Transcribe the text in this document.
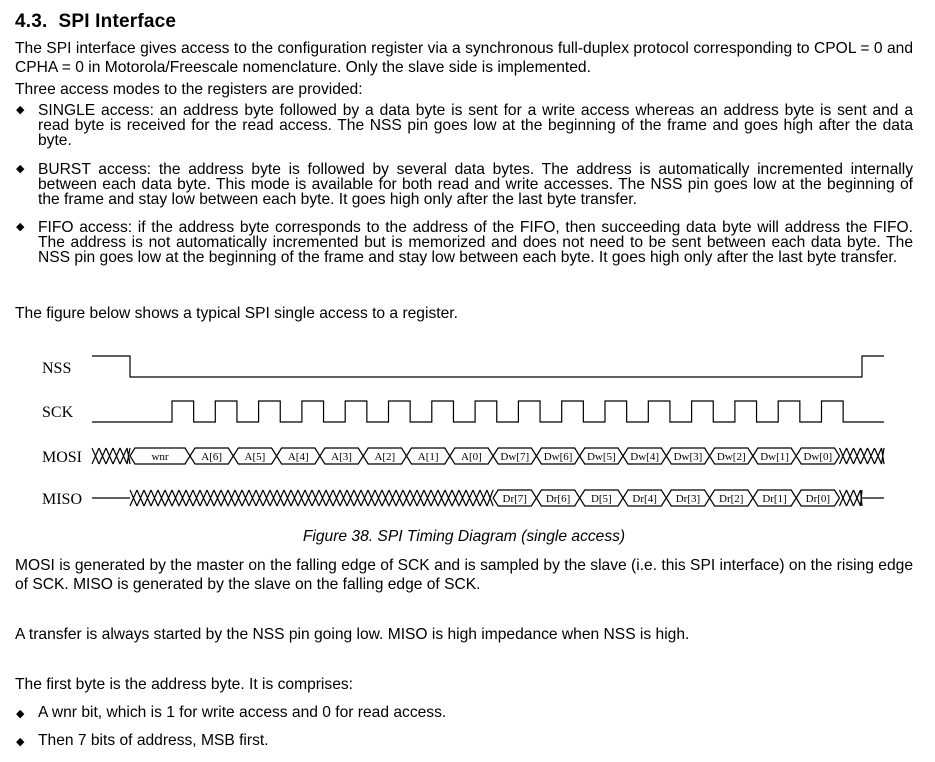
4.3. SPI Interface

The SPI interface gives access to the configuration register via a synchronous full-duplex protocol corresponding to CPOL = 0 and CPHA = 0 in Motorola/Freescale nomenclature. Only the slave side is implemented.

Three access modes to the registers are provided:

◆ SINGLE access: an address byte followed by a data byte is sent for a write access whereas an address byte is sent and a read byte is received for the read access. The NSS pin goes low at the beginning of the frame and goes high after the data byte.
◆ BURST access: the address byte is followed by several data bytes. The address is automatically incremented internally between each data byte. This mode is available for both read and write accesses. The NSS pin goes low at the beginning of the frame and stay low between each byte. It goes high only after the last byte transfer.
◆ FIFO access: if the address byte corresponds to the address of the FIFO, then succeeding data byte will address the FIFO. The address is not automatically incremented but is memorized and does not need to be sent between each data byte. The NSS pin goes low at the beginning of the frame and stay low between each byte. It goes high only after the last byte transfer.

The figure below shows a typical SPI single access to a register.

NSS
SCK
MOSI
MISO
wnr	A[6] A[5] A[4] A[3] A[2] A[1] A[0] Dw[7] Dw[6] Dw[5] Dw[4] Dw[3] Dw[2] Dw[1] Dw[0]
Dr[7] Dr[6] D[5] Dr[4] Dr[3] Dr[2] Dr[1] Dr[0]
Figure 38. SPI Timing Diagram (single access)

MOSI is generated by the master on the falling edge of SCK and is sampled by the slave (i.e. this SPI interface) on the rising edge of SCK. MISO is generated by the slave on the falling edge of SCK.

A transfer is always started by the NSS pin going low. MISO is high impedance when NSS is high.

The first byte is the address byte. It is comprises:

◆ A wnr bit, which is 1 for write access and 0 for read access.
◆ Then 7 bits of address, MSB first.
